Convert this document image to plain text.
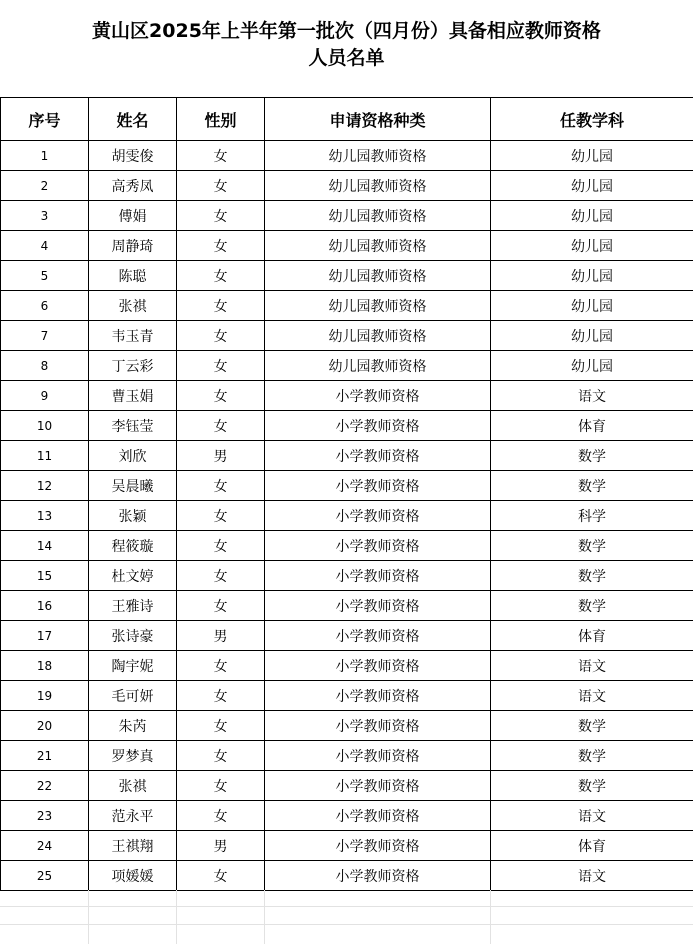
黄山区2025年上半年第一批次（四月份）具备相应教师资格
人员名单
序号	姓名	性别	申请资格种类	任教学科
1	胡雯俊	女	幼儿园教师资格	幼儿园
2	高秀凤	女	幼儿园教师资格	幼儿园
3	傅娟	女	幼儿园教师资格	幼儿园
4	周静琦	女	幼儿园教师资格	幼儿园
5	陈聪	女	幼儿园教师资格	幼儿园
6	张祺	女	幼儿园教师资格	幼儿园
7	韦玉青	女	幼儿园教师资格	幼儿园
8	丁云彩	女	幼儿园教师资格	幼儿园
9	曹玉娟	女	小学教师资格	语文
10	李钰莹	女	小学教师资格	体育
11	刘欣	男	小学教师资格	数学
12	吴晨曦	女	小学教师资格	数学
13	张颖	女	小学教师资格	科学
14	程筱璇	女	小学教师资格	数学
15	杜文婷	女	小学教师资格	数学
16	王雅诗	女	小学教师资格	数学
17	张诗豪	男	小学教师资格	体育
18	陶宇妮	女	小学教师资格	语文
19	毛可妍	女	小学教师资格	语文
20	朱芮	女	小学教师资格	数学
21	罗梦真	女	小学教师资格	数学
22	张祺	女	小学教师资格	数学
23	范永平	女	小学教师资格	语文
24	王祺翔	男	小学教师资格	体育
25	项媛媛	女	小学教师资格	语文
